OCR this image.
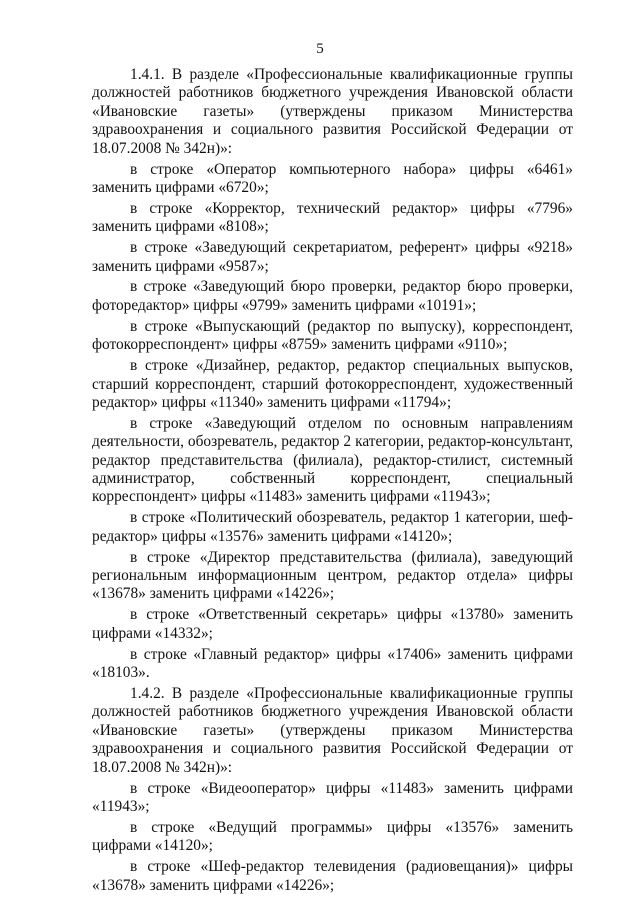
5

1.4.1. В разделе «Профессиональные квалификационные группы должностей работников бюджетного учреждения Ивановской области «Ивановские газеты» (утверждены приказом Министерства здравоохранения и социального развития Российской Федерации от 18.07.2008 № 342н)»:

в строке «Оператор компьютерного набора» цифры «6461» заменить цифрами «6720»;

в строке «Корректор, технический редактор» цифры «7796» заменить цифрами «8108»;

в строке «Заведующий секретариатом, референт» цифры «9218» заменить цифрами «9587»;

в строке «Заведующий бюро проверки, редактор бюро проверки, фоторедактор» цифры «9799» заменить цифрами «10191»;

в строке «Выпускающий (редактор по выпуску), корреспондент, фотокорреспондент» цифры «8759» заменить цифрами «9110»;

в строке «Дизайнер, редактор, редактор специальных выпусков, старший корреспондент, старший фотокорреспондент, художественный редактор» цифры «11340» заменить цифрами «11794»;

в строке «Заведующий отделом по основным направлениям деятельности, обозреватель, редактор 2 категории, редактор-консультант, редактор представительства (филиала), редактор-стилист, системный администратор, собственный корреспондент, специальный корреспондент» цифры «11483» заменить цифрами «11943»;

в строке «Политический обозреватель, редактор 1 категории, шеф-редактор» цифры «13576» заменить цифрами «14120»;

в строке «Директор представительства (филиала), заведующий региональным информационным центром, редактор отдела» цифры «13678» заменить цифрами «14226»;

в строке «Ответственный секретарь» цифры «13780» заменить цифрами «14332»;

в строке «Главный редактор» цифры «17406» заменить цифрами «18103».

1.4.2. В разделе «Профессиональные квалификационные группы должностей работников бюджетного учреждения Ивановской области «Ивановские газеты» (утверждены приказом Министерства здравоохранения и социального развития Российской Федерации от 18.07.2008 № 342н)»:

в строке «Видеооператор» цифры «11483» заменить цифрами «11943»;

в строке «Ведущий программы» цифры «13576» заменить цифрами «14120»;

в строке «Шеф-редактор телевидения (радиовещания)» цифры «13678» заменить цифрами «14226»;
